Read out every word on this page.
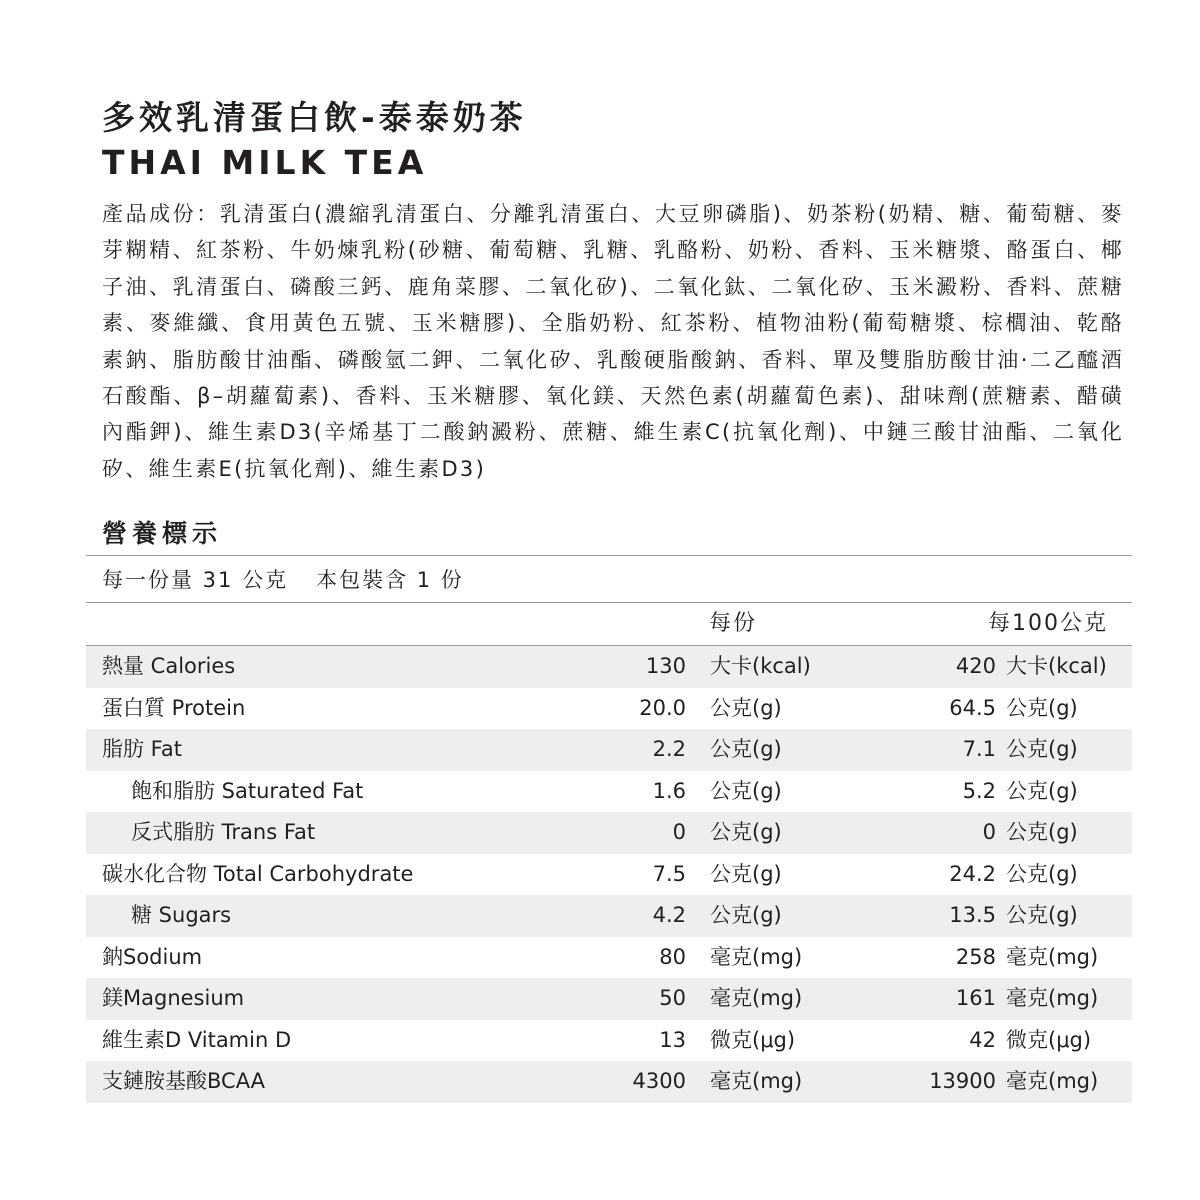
多效乳清蛋白飲-泰泰奶茶
THAI MILK TEA

產品成份：乳清蛋白(濃縮乳清蛋白、分離乳清蛋白、大豆卵磷脂)、奶茶粉(奶精、糖、葡萄糖、麥芽糊精、紅茶粉、牛奶煉乳粉(砂糖、葡萄糖、乳糖、乳酪粉、奶粉、香料、玉米糖漿、酪蛋白、椰子油、乳清蛋白、磷酸三鈣、鹿角菜膠、二氧化矽)、二氧化鈦、二氧化矽、玉米澱粉、香料、蔗糖素、麥維纖、食用黃色五號、玉米糖膠)、全脂奶粉、紅茶粉、植物油粉(葡萄糖漿、棕櫚油、乾酪素鈉、脂肪酸甘油酯、磷酸氫二鉀、二氧化矽、乳酸硬脂酸鈉、香料、單及雙脂肪酸甘油·二乙醯酒石酸酯、β–胡蘿蔔素)、香料、玉米糖膠、氧化鎂、天然色素(胡蘿蔔色素)、甜味劑(蔗糖素、醋磺內酯鉀)、維生素D3(辛烯基丁二酸鈉澱粉、蔗糖、維生素C(抗氧化劑)、中鏈三酸甘油酯、二氧化矽、維生素E(抗氧化劑)、維生素D3)

營養標示
每一份量 31 公克 本包裝含 1 份
每份	每100公克
熱量 Calories	130 大卡(kcal)	420 大卡(kcal)
蛋白質 Protein	20.0 公克(g)	64.5 公克(g)
脂肪 Fat	2.2 公克(g)	7.1 公克(g)
飽和脂肪 Saturated Fat	1.6 公克(g)	5.2 公克(g)
反式脂肪 Trans Fat	0 公克(g)	0 公克(g)
碳水化合物 Total Carbohydrate	7.5 公克(g)	24.2 公克(g)
糖 Sugars	4.2 公克(g)	13.5 公克(g)
鈉Sodium	80 毫克(mg)	258 毫克(mg)
鎂Magnesium	50 毫克(mg)	161 毫克(mg)
維生素D Vitamin D	13 微克(μg)	42 微克(μg)
支鏈胺基酸BCAA	4300 毫克(mg)	13900 毫克(mg)
